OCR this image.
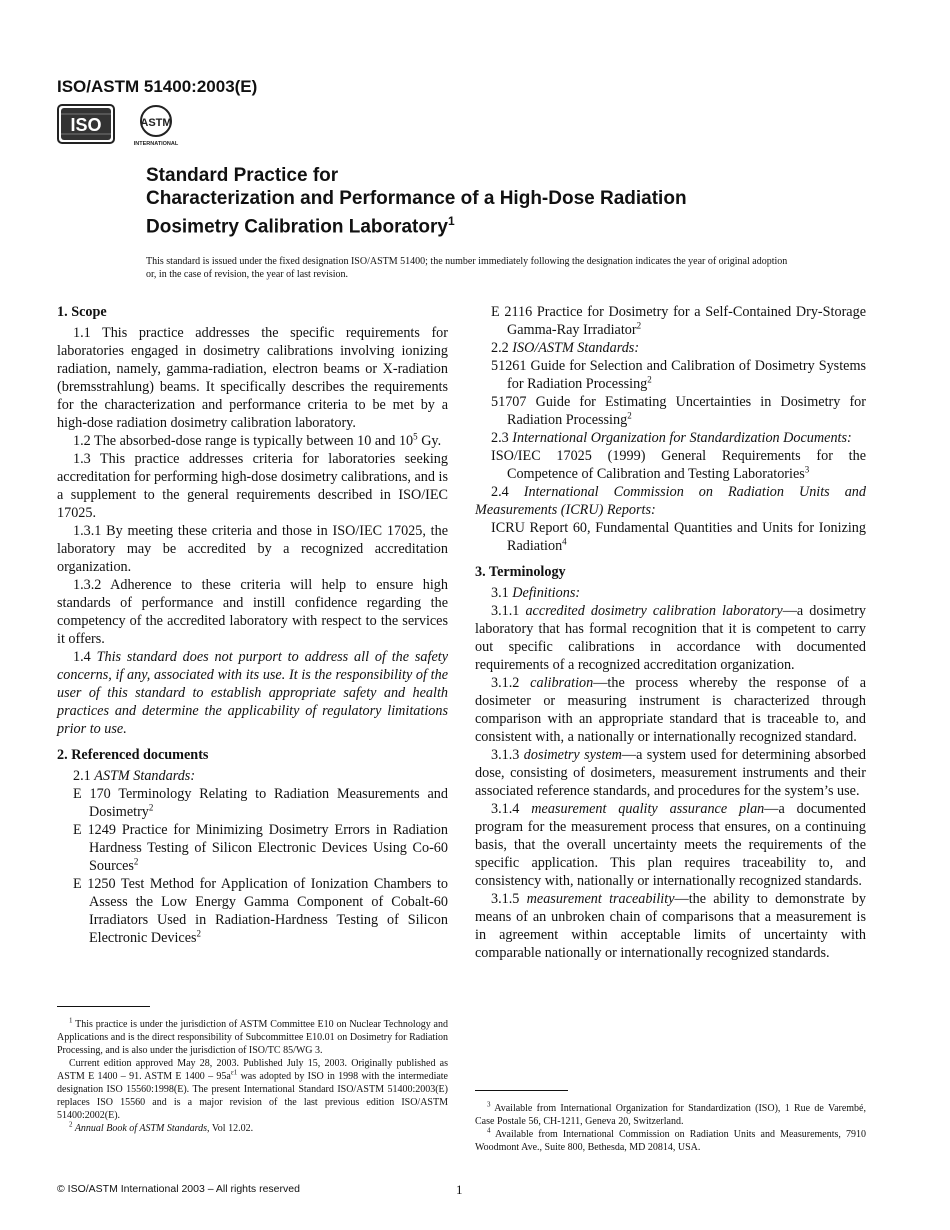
ISO/ASTM 51400:2003(E)
ISO	ASTM
INTERNATIONAL
Standard Practice for
Characterization and Performance of a High-Dose Radiation
Dosimetry Calibration Laboratory$^1$
This standard is issued under the fixed designation ISO/ASTM 51400; the number immediately following the designation indicates the year of original adoption or, in the case of revision, the year of last revision.
1. Scope

1.1 This practice addresses the specific requirements for laboratories engaged in dosimetry calibrations involving ionizing radiation, namely, gamma-radiation, electron beams or X-radiation (bremsstrahlung) beams. It specifically describes the requirements for the characterization and performance criteria to be met by a high-dose radiation dosimetry calibration laboratory.

1.2 The absorbed-dose range is typically between 10 and $10^5$ Gy.

1.3 This practice addresses criteria for laboratories seeking accreditation for performing high-dose dosimetry calibrations, and is a supplement to the general requirements described in ISO/IEC 17025.

1.3.1 By meeting these criteria and those in ISO/IEC 17025, the laboratory may be accredited by a recognized accreditation organization.

1.3.2 Adherence to these criteria will help to ensure high standards of performance and instill confidence regarding the competency of the accredited laboratory with respect to the services it offers.

1.4 This standard does not purport to address all of the safety concerns, if any, associated with its use. It is the responsibility of the user of this standard to establish appropriate safety and health practices and determine the applicability of regulatory limitations prior to use.

2. Referenced documents

2.1 ASTM Standards:

E 170 Terminology Relating to Radiation Measurements and Dosimetry$^2$

E 1249 Practice for Minimizing Dosimetry Errors in Radiation Hardness Testing of Silicon Electronic Devices Using Co-60 Sources$^2$

E 1250 Test Method for Application of Ionization Chambers to Assess the Low Energy Gamma Component of Cobalt-60 Irradiators Used in Radiation-Hardness Testing of Silicon Electronic Devices$^2$

$^1$ This practice is under the jurisdiction of ASTM Committee E10 on Nuclear Technology and Applications and is the direct responsibility of Subcommittee E10.01 on Dosimetry for Radiation Processing, and is also under the jurisdiction of ISO/TC 85/WG 3.

Current edition approved May 28, 2003. Published July 15, 2003. Originally published as ASTM E 1400 – 91. ASTM E $1400 - 95a^{\varepsilon 1}$ was adopted by ISO in 1998 with the intermediate designation ISO 15560:1998(E). The present International Standard ISO/ASTM 51400:2003(E) replaces ISO 15560 and is a major revision of the last previous edition ISO/ASTM 51400:2002(E).

$^2$ Annual Book of ASTM Standards, Vol 12.02.

E 2116 Practice for Dosimetry for a Self-Contained Dry-Storage Gamma-Ray Irradiator$^2$

2.2 ISO/ASTM Standards:

51261 Guide for Selection and Calibration of Dosimetry Systems for Radiation Processing$^2$

51707 Guide for Estimating Uncertainties in Dosimetry for Radiation Processing$^2$

2.3 International Organization for Standardization Documents:

ISO/IEC 17025 (1999) General Requirements for the Competence of Calibration and Testing Laboratories$^3$

2.4 International Commission on Radiation Units and Measurements (ICRU) Reports:

ICRU Report 60, Fundamental Quantities and Units for Ionizing Radiation$^4$

3. Terminology

3.1 Definitions:

3.1.1 accredited dosimetry calibration laboratory—a dosimetry laboratory that has formal recognition that it is competent to carry out specific calibrations in accordance with documented requirements of a recognized accreditation organization.

3.1.2 calibration—the process whereby the response of a dosimeter or measuring instrument is characterized through comparison with an appropriate standard that is traceable to, and consistent with, a nationally or internationally recognized standard.

3.1.3 dosimetry system—a system used for determining absorbed dose, consisting of dosimeters, measurement instruments and their associated reference standards, and procedures for the system’s use.

3.1.4 measurement quality assurance plan—a documented program for the measurement process that ensures, on a continuing basis, that the overall uncertainty meets the requirements of the specific application. This plan requires traceability to, and consistency with, nationally or internationally recognized standards.

3.1.5 measurement traceability—the ability to demonstrate by means of an unbroken chain of comparisons that a measurement is in agreement within acceptable limits of uncertainty with comparable nationally or internationally recognized standards.

$^3$ Available from International Organization for Standardization (ISO), 1 Rue de Varembé, Case Postale 56, CH-1211, Geneva 20, Switzerland.

$^4$ Available from International Commission on Radiation Units and Measurements, 7910 Woodmont Ave., Suite 800, Bethesda, MD 20814, USA.

© ISO/ASTM International 2003 – All rights reserved	1
